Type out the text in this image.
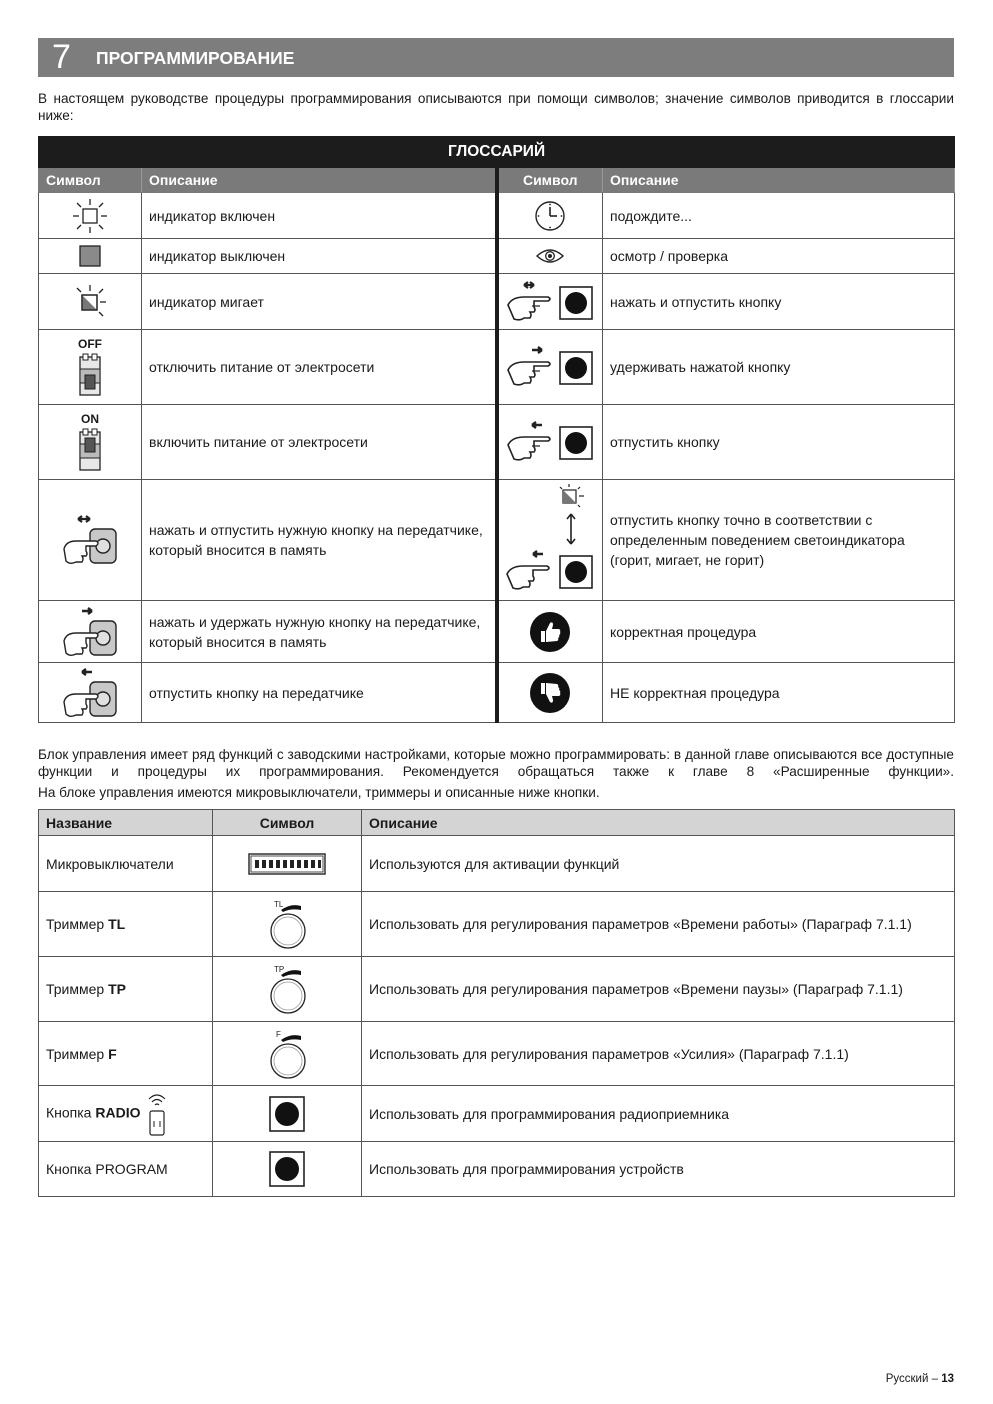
7 ПРОГРАММИРОВАНИЕ
В настоящем руководстве процедуры программирования описываются при помощи символов; значение символов приводится в глоссарии ниже:
ГЛОССАРИЙ			
Символ	Описание	Символ	Описание

	индикатор включен		подождите...

	индикатор выключен		осмотр / проверка

	индикатор мигает		нажать и отпустить кнопку

OFF	отключить питание от электросети		удерживать нажатой кнопку

ON	включить питание от электросети		отпустить кнопку

	нажать и отпустить нужную кнопку на передатчике, который вносится в память		отпустить кнопку точно в соответствии с определенным поведением светоиндикатора (горит, мигает, не горит)

	нажать и удержать нужную кнопку на передатчике, который вносится в память		корректная процедура

	отпустить кнопку на передатчике		НЕ корректная процедура
Блок управления имеет ряд функций с заводскими настройками, которые можно программировать: в данной главе описываются все доступные функции и процедуры их программирования. Рекомендуется обращаться также к главе 8 «Расширенные функции».
На блоке управления имеются микровыключатели, триммеры и описанные ниже кнопки.
Название	Символ	Описание
Микровыключатели		Используются для активации функций
Триммер TL	TL	Использовать для регулирования параметров «Времени работы» (Параграф 7.1.1)
Триммер TP	TP	Использовать для регулирования параметров «Времени паузы» (Параграф 7.1.1)
Триммер F	F	Использовать для регулирования параметров «Усилия» (Параграф 7.1.1)
Кнопка RADIO		Использовать для программирования радиоприемника
Кнопка PROGRAM		Использовать для программирования устройств
Русский – 13
